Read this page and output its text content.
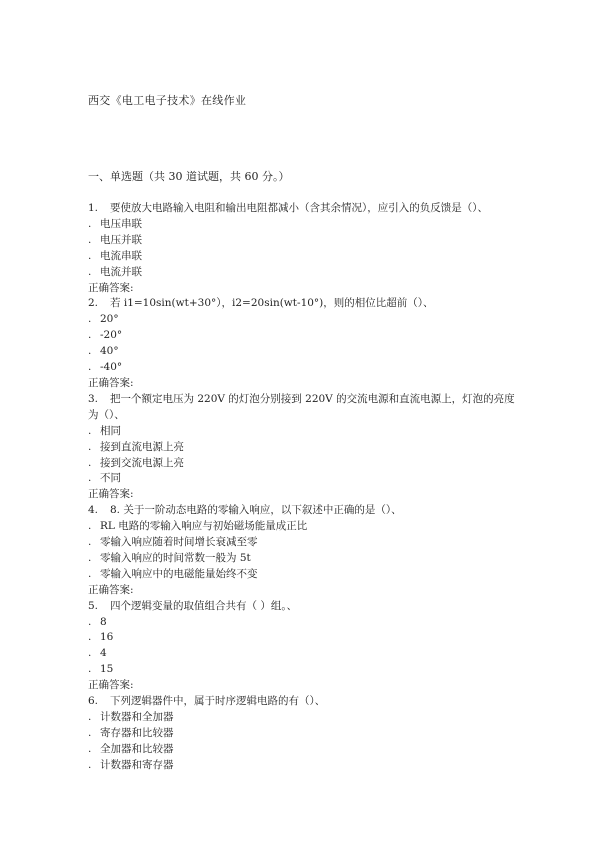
西交《电工电子技术》在线作业
一、单选题（共 30 道试题，共 60 分。）
1. 要使放大电路输入电阻和输出电阻都减小（含其余情况），应引入的负反馈是（）、
. 电压串联
. 电压并联
. 电流串联
. 电流并联
正确答案:
2. 若 i1=10sin(wt+30°），i2=20sin(wt-10°)，则的相位比超前（）、
. 20°
. -20°
. 40°
. -40°
正确答案:
3. 把一个额定电压为 220V 的灯泡分别接到 220V 的交流电源和直流电源上，灯泡的亮度为（）、
. 相同
. 接到直流电源上亮
. 接到交流电源上亮
. 不同
正确答案:
4. 8. 关于一阶动态电路的零输入响应，以下叙述中正确的是（）、
. RL 电路的零输入响应与初始磁场能量成正比
. 零输入响应随着时间增长衰减至零
. 零输入响应的时间常数一般为 5t
. 零输入响应中的电磁能量始终不变
正确答案:
5. 四个逻辑变量的取值组合共有（ ）组。、
. 8
. 16
. 4
. 15
正确答案:
6. 下列逻辑器件中，属于时序逻辑电路的有（）、
. 计数器和全加器
. 寄存器和比较器
. 全加器和比较器
. 计数器和寄存器
